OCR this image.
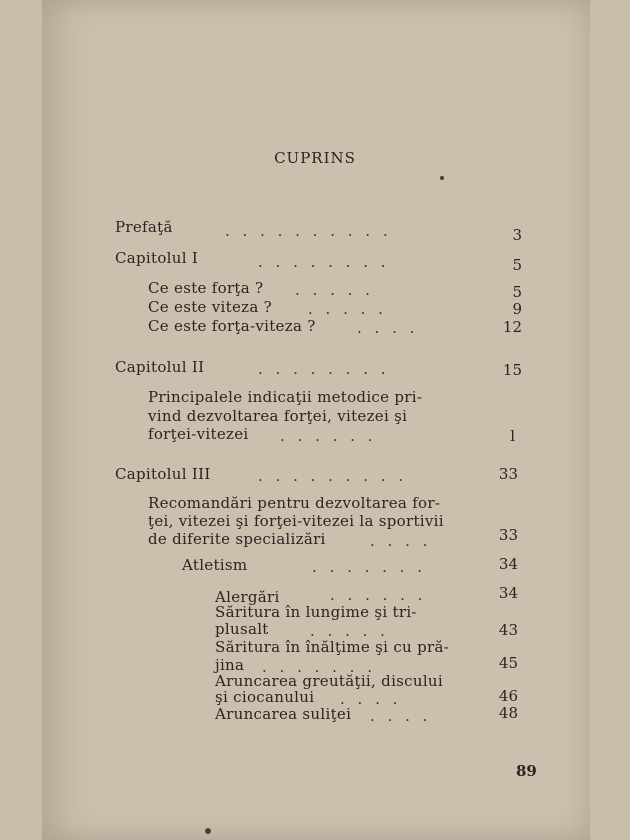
CUPRINS
Prefaţă	. . . . . . . . . .	3
Capitolul I	. . . . . . . .	5
Ce este forţa ? . . . . .	5
Ce este viteza ? . . . . .	9
Ce este forţa-viteza ?	. . . .	12
Capitolul II	. . . . . . . .	15
Principalele indicaţii metodice pri-
vind dezvoltarea forţei, vitezei şi
forţei-vitezei . . . . . .	l
Capitolul III	. . . . . . . . .	33
Recomandări pentru dezvoltarea for-
ţei, vitezei şi forţei-vitezei la sportivii
de diferite specializări	. . . .	33
Atletism	. . . . . . .	34
Alergări	. . . . . .	34
Săritura în lungime şi tri-
plusalt	. . . . .	43
Săritura în înălţime şi cu pră-
jina . . . . . . .	45
Aruncarea greutăţii, discului
şi ciocanului . . . .	46
Aruncarea suliţei . . . .	48
89
